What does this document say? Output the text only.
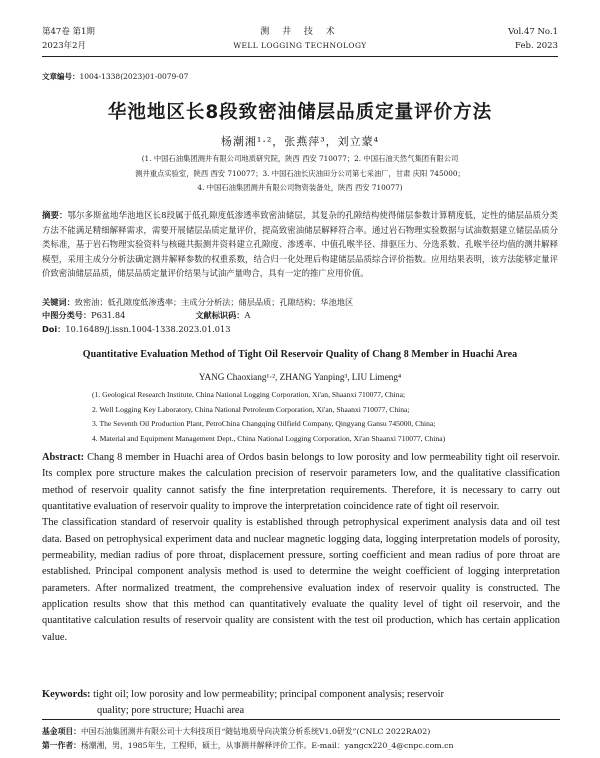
第47卷 第1期	测 井 技 术	Vol.47 No.1
2023年2月	WELL LOGGING TECHNOLOGY	Feb. 2023
文章编号：1004-1338(2023)01-0079-07
华池地区长8段致密油储层品质定量评价方法
杨潮湘¹·²，张燕萍³，刘立蒙⁴
(1. 中国石油集团测井有限公司地质研究院，陕西 西安 710077；2. 中国石油天然气集团有限公司
测井重点实验室，陕西 西安 710077；3. 中国石油长庆油田分公司第七采油厂，甘肃 庆阳 745000；
4. 中国石油集团测井有限公司物资装备处，陕西 西安 710077)
摘要：鄂尔多斯盆地华池地区长8段属于低孔隙度低渗透率致密油储层，其复杂的孔隙结构使得储层参数计算精度低，定性的储层品质分类方法不能满足精细解释需求，需要开展储层品质定量评价，提高致密油储层解释符合率。通过岩石物理实验数据与试油数据建立储层品质分类标准，基于岩石物理实验资料与核磁共振测井资料建立孔隙度、渗透率、中值孔喉半径、排驱压力、分选系数、孔喉半径均值的测井解释模型，采用主成分分析法确定测井解释参数的权重系数，结合归一化处理后构建储层品质综合评价指数。应用结果表明，该方法能够定量评价致密油储层品质，储层品质定量评价结果与试油产量吻合，具有一定的推广应用价值。
关键词：致密油；低孔隙度低渗透率；主成分分析法；储层品质；孔隙结构；华池地区
中图分类号：P631.84	文献标识码：A
Doi：10.16489/j.issn.1004-1338.2023.01.013
Quantitative Evaluation Method of Tight Oil Reservoir Quality of Chang 8 Member in Huachi Area
YANG Chaoxiang¹·², ZHANG Yanping³, LIU Limeng⁴
(1. Geological Research Institute, China National Logging Corporation, Xi'an, Shaanxi 710077, China;
2. Well Logging Key Laboratory, China National Petroleum Corporation, Xi'an, Shaanxi 710077, China;
3. The Seventh Oil Production Plant, PetroChina Changqing Oilfield Company, Qingyang Gansu 745000, China;
4. Material and Equipment Management Dept., China National Logging Corporation, Xi'an Shaanxi 710077, China)

Abstract: Chang 8 member in Huachi area of Ordos basin belongs to low porosity and low permeability tight oil reservoir. Its complex pore structure makes the calculation precision of reservoir parameters low, and the qualitative classification method of reservoir quality cannot satisfy the fine interpretation requirements. Therefore, it is necessary to carry out quantitative evaluation of reservoir quality to improve the interpretation coincidence rate of tight oil reservoir.

The classification standard of reservoir quality is established through petrophysical experiment analysis data and oil test data. Based on petrophysical experiment data and nuclear magnetic logging data, logging interpretation models of porosity, permeability, median radius of pore throat, displacement pressure, sorting coefficient and mean radius of pore throat are established. Principal component analysis method is used to determine the weight coefficient of logging interpretation parameters. After normalized treatment, the comprehensive evaluation index of reservoir quality is constructed. The application results show that this method can quantitatively evaluate the quality level of tight oil reservoir, and the quantitative calculation results of reservoir quality are consistent with the test oil production, which has certain application value.

Keywords: tight oil; low porosity and low permeability; principal component analysis; reservoir
quality; pore structure; Huachi area
基金项目：中国石油集团测井有限公司十大科技项目“随钻地质导向决策分析系统V1.0研发”(CNLC 2022RA02)
第一作者：杨潮湘，男，1985年生，工程师，硕士，从事测井解释评价工作。E-mail：yangcx220_4@cnpc.com.cn
